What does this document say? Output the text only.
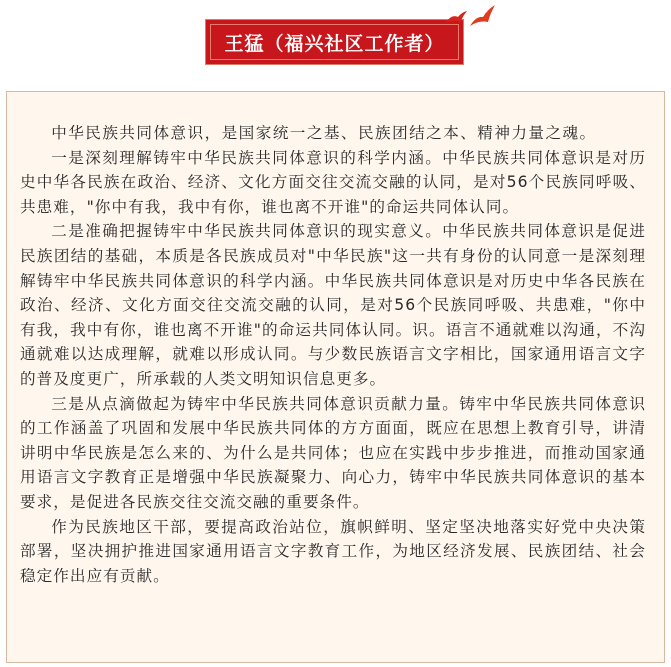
王猛（福兴社区工作者）

中华民族共同体意识，是国家统一之基、民族团结之本、精神力量之魂。

一是深刻理解铸牢中华民族共同体意识的科学内涵。中华民族共同体意识是对历史中华各民族在政治、经济、文化方面交往交流交融的认同，是对56个民族同呼吸、共患难，"你中有我，我中有你，谁也离不开谁"的命运共同体认同。

二是准确把握铸牢中华民族共同体意识的现实意义。中华民族共同体意识是促进民族团结的基础，本质是各民族成员对"中华民族"这一共有身份的认同意一是深刻理解铸牢中华民族共同体意识的科学内涵。中华民族共同体意识是对历史中华各民族在政治、经济、文化方面交往交流交融的认同，是对56个民族同呼吸、共患难，"你中有我，我中有你，谁也离不开谁"的命运共同体认同。识。语言不通就难以沟通，不沟通就难以达成理解，就难以形成认同。与少数民族语言文字相比，国家通用语言文字的普及度更广，所承载的人类文明知识信息更多。

三是从点滴做起为铸牢中华民族共同体意识贡献力量。铸牢中华民族共同体意识的工作涵盖了巩固和发展中华民族共同体的方方面面，既应在思想上教育引导，讲清讲明中华民族是怎么来的、为什么是共同体；也应在实践中步步推进，而推动国家通用语言文字教育正是增强中华民族凝聚力、向心力，铸牢中华民族共同体意识的基本要求，是促进各民族交往交流交融的重要条件。

作为民族地区干部，要提高政治站位，旗帜鲜明、坚定坚决地落实好党中央决策部署，坚决拥护推进国家通用语言文字教育工作，为地区经济发展、民族团结、社会稳定作出应有贡献。
